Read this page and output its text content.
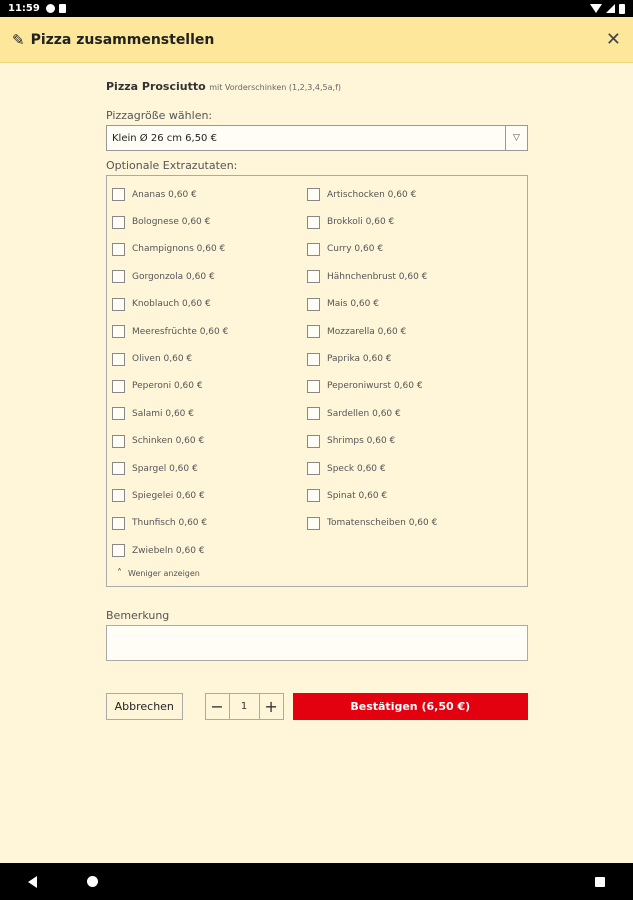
11:59
✎ Pizza zusammenstellen	✕
Pizza Prosciutto mit Vorderschinken (1,2,3,4,5a,f)
Pizzagröße wählen:
Klein Ø 26 cm 6,50 €	▽
Optionale Extrazutaten:
Ananas 0,60 €	Artischocken 0,60 €
Bolognese 0,60 €	Brokkoli 0,60 €
Champignons 0,60 €	Curry 0,60 €
Gorgonzola 0,60 €	Hähnchenbrust 0,60 €
Knoblauch 0,60 €	Mais 0,60 €
Meeresfrüchte 0,60 €	Mozzarella 0,60 €
Oliven 0,60 €	Paprika 0,60 €
Peperoni 0,60 €	Peperoniwurst 0,60 €
Salami 0,60 €	Sardellen 0,60 €
Schinken 0,60 €	Shrimps 0,60 €
Spargel 0,60 €	Speck 0,60 €
Spiegelei 0,60 €	Spinat 0,60 €
Thunfisch 0,60 €	Tomatenscheiben 0,60 €
Zwiebeln 0,60 €
˄ Weniger anzeigen
Bemerkung
Abbrechen	−	1	+	Bestätigen (6,50 €)
